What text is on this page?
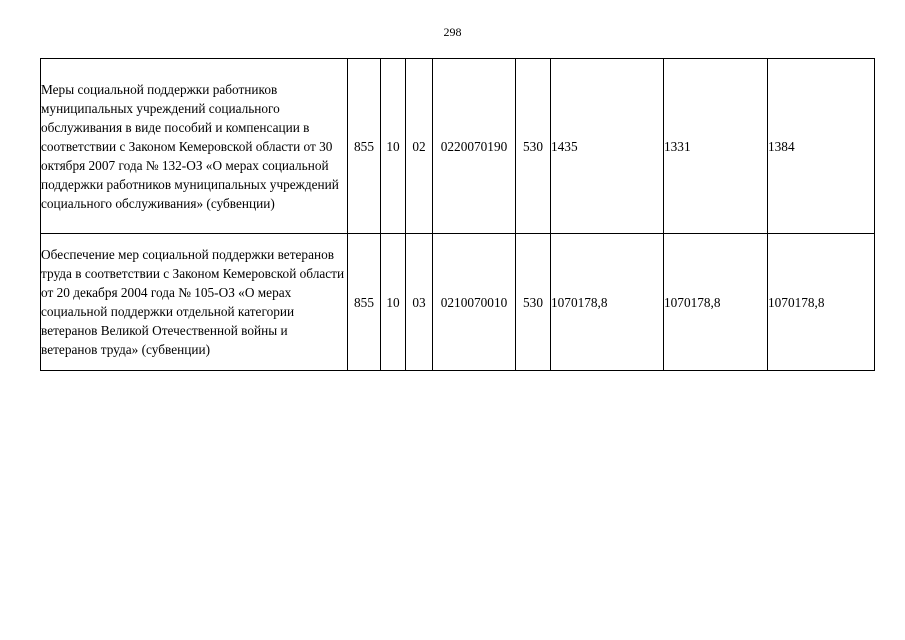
298
Меры социальной поддержки работников муниципальных учреждений социального обслуживания в виде пособий и компенсации в соответствии с Законом Кемеровской области от 30 октября 2007 года № 132-ОЗ «О мерах социальной поддержки работников муниципальных учреждений социального обслуживания» (субвенции)	855	10	02	0220070190	530	1435	1331	1384
Обеспечение мер социальной поддержки ветеранов труда в соответствии с Законом Кемеровской области от 20 декабря 2004 года № 105-ОЗ «О мерах социальной поддержки отдельной категории ветеранов Великой Отечественной войны и ветеранов труда» (субвенции)	855	10	03	0210070010	530	1070178,8	1070178,8	1070178,8
